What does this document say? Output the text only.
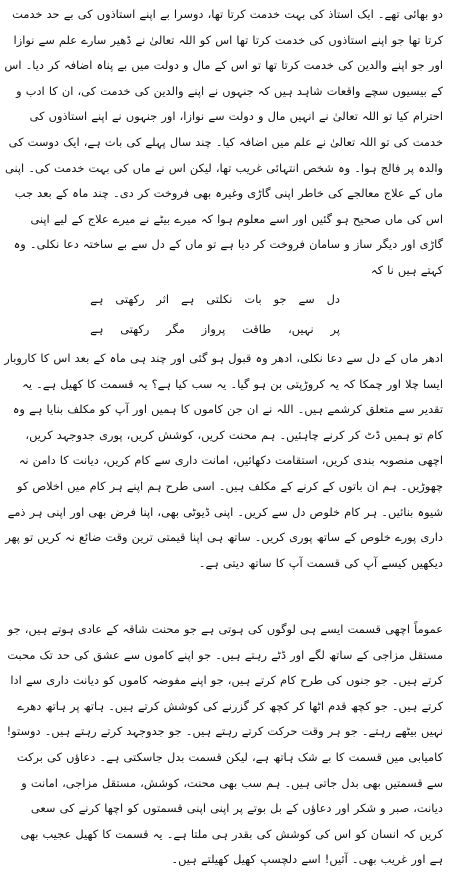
دو بھائی تھے۔ ایک استاذ کی بہت خدمت کرتا تھا، دوسرا بے اپنے استاذوں کی بے حد خدمت کرتا تھا جو اپنے استاذوں کی خدمت کرتا تھا اس کو اللہ تعالیٰ نے ڈھیر سارے علم سے نوازا اور جو اپنے والدین کی خدمت کرتا تھا تو اس کے مال و دولت میں بے پناہ اضافہ کر دیا۔ اس کے بیسیوں سچے واقعات شاہد ہیں کہ جنہوں نے اپنے والدین کی خدمت کی، ان کا ادب و احترام کیا تو اللہ تعالیٰ نے انہیں مال و دولت سے نوازا، اور جنہوں نے اپنے استاذوں کی خدمت کی تو اللہ تعالیٰ نے علم میں اضافہ کیا۔ چند سال پہلے کی بات ہے، ایک دوست کی والدہ پر فالج ہوا۔ وہ شخص انتہائی غریب تھا، لیکن اس نے ماں کی بہت خدمت کی۔ اپنی ماں کے علاج معالجے کی خاطر اپنی گاڑی وغیرہ بھی فروخت کر دی۔ چند ماہ کے بعد جب اس کی ماں صحیح ہو گئیں اور اسے معلوم ہوا کہ میرے بیٹے نے میرے علاج کے لیے اپنی گاڑی اور دیگر ساز و سامان فروخت کر دیا ہے تو ماں کے دل سے بے ساختہ دعا نکلی۔ وہ کہتے ہیں نا کہ

دل
سے
جو
بات
نکلتی
ہے
اثر
رکھتی
ہے
پر
نہیں،
طاقت
پرواز
مگر
رکھتی
ہے

ادھر ماں کے دل سے دعا نکلی، ادھر وہ قبول ہو گئی اور چند ہی ماہ کے بعد اس کا کاروبار ایسا چلا اور چمکا کہ یہ کروڑپتی بن ہو گیا۔ یہ سب کیا ہے؟ یہ قسمت کا کھیل ہے۔ یہ تقدیر سے متعلق کرشمے ہیں۔ اللہ نے ان جن کاموں کا ہمیں اور آپ کو مکلف بنایا ہے وہ کام تو ہمیں ڈٹ کر کرنے چاہئیں۔ ہم محنت کریں، کوشش کریں، پوری جدوجہد کریں، اچھی منصوبہ بندی کریں، استقامت دکھائیں، امانت داری سے کام کریں، دیانت کا دامن نہ چھوڑیں۔ ہم ان باتوں کے کرنے کے مکلف ہیں۔ اسی طرح ہم اپنے ہر کام میں اخلاص کو شیوہ بنائیں۔ ہر کام خلوص دل سے کریں۔ اپنی ڈیوٹی بھی، اپنا فرض بھی اور اپنی ہر ذمے داری پورے خلوص کے ساتھ پوری کریں۔ ساتھ ہی اپنا قیمتی ترین وقت ضائع نہ کریں تو پھر دیکھیں کیسے آپ کی قسمت آپ کا ساتھ دیتی ہے۔

عموماً اچھی قسمت ایسے ہی لوگوں کی ہوتی ہے جو محنت شاقہ کے عادی ہوتے ہیں، جو مستقل مزاجی کے ساتھ لگے اور ڈٹے رہتے ہیں۔ جو اپنے کاموں سے عشق کی حد تک محبت کرتے ہیں۔ جو جنوں کی طرح کام کرتے ہیں، جو اپنے مفوضہ کاموں کو دیانت داری سے ادا کرتے ہیں۔ جو کچھ قدم اٹھا کر کچھ کر گزرنے کی کوشش کرتے ہیں۔ ہاتھ پر ہاتھ دھرے نہیں بیٹھے رہتے۔ جو ہر وقت حرکت کرتے رہتے ہیں۔ جو جدوجہد کرتے رہتے ہیں۔ دوستو! کامیابی میں قسمت کا بے شک ہاتھ ہے، لیکن قسمت بدل جاسکتی ہے۔ دعاؤں کی برکت سے قسمتیں بھی بدل جاتی ہیں۔ ہم سب بھی محنت، کوشش، مستقل مزاجی، امانت و دیانت، صبر و شکر اور دعاؤں کے بل بوتے پر اپنی اپنی قسمتوں کو اچھا کرنے کی سعی کریں کہ انسان کو اس کی کوشش کی بقدر ہی ملتا ہے۔ یہ قسمت کا کھیل عجیب بھی ہے اور غریب بھی۔ آئیں! اسے دلچسپ کھیل کھیلتے ہیں۔
